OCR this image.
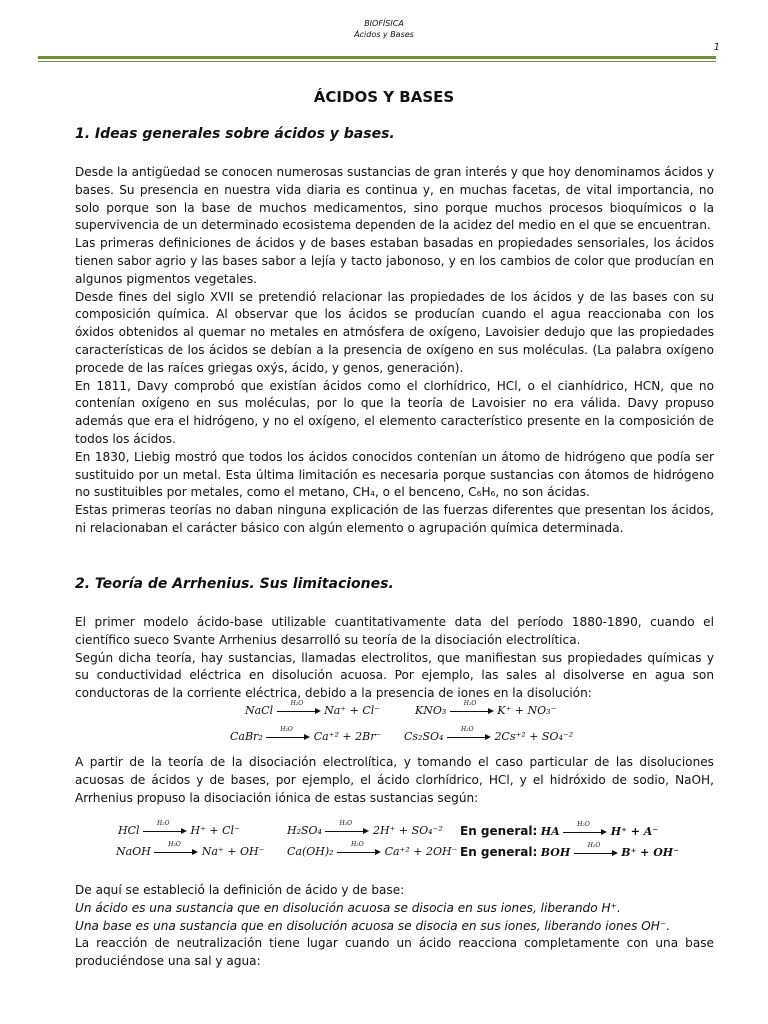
BIOFÍSICA
Ácidos y Bases
1
ÁCIDOS Y BASES
1. Ideas generales sobre ácidos y bases.

Desde la antigüedad se conocen numerosas sustancias de gran interés y que hoy denominamos ácidos y bases. Su presencia en nuestra vida diaria es continua y, en muchas facetas, de vital importancia, no solo porque son la base de muchos medicamentos, sino porque muchos procesos bioquímicos o la supervivencia de un determinado ecosistema dependen de la acidez del medio en el que se encuentran.

Las primeras definiciones de ácidos y de bases estaban basadas en propiedades sensoriales, los ácidos tienen sabor agrio y las bases sabor a lejía y tacto jabonoso, y en los cambios de color que producían en algunos pigmentos vegetales.

Desde fines del siglo XVII se pretendió relacionar las propiedades de los ácidos y de las bases con su composición química. Al observar que los ácidos se producían cuando el agua reaccionaba con los óxidos obtenidos al quemar no metales en atmósfera de oxígeno, Lavoisier dedujo que las propiedades características de los ácidos se debían a la presencia de oxígeno en sus moléculas. (La palabra oxígeno procede de las raíces griegas oxýs, ácido, y genos, generación).

En 1811, Davy comprobó que existían ácidos como el clorhídrico, HCl, o el cianhídrico, HCN, que no contenían oxígeno en sus moléculas, por lo que la teoría de Lavoisier no era válida. Davy propuso además que era el hidrógeno, y no el oxígeno, el elemento característico presente en la composición de todos los ácidos.

En 1830, Liebig mostró que todos los ácidos conocidos contenían un átomo de hidrógeno que podía ser sustituido por un metal. Esta última limitación es necesaria porque sustancias con átomos de hidrógeno no sustituibles por metales, como el metano, CH₄, o el benceno, C₆H₆, no son ácidas.

Estas primeras teorías no daban ninguna explicación de las fuerzas diferentes que presentan los ácidos, ni relacionaban el carácter básico con algún elemento o agrupación química determinada.

2. Teoría de Arrhenius. Sus limitaciones.

El primer modelo ácido-base utilizable cuantitativamente data del período 1880-1890, cuando el científico sueco Svante Arrhenius desarrolló su teoría de la disociación electrolítica.

Según dicha teoría, hay sustancias, llamadas electrolitos, que manifiestan sus propiedades químicas y su conductividad eléctrica en disolución acuosa. Por ejemplo, las sales al disolverse en agua son conductoras de la corriente eléctrica, debido a la presencia de iones en la disolución:

NaCl
H₂O
Na⁺ + Cl⁻	KNO₃
H₂O
K⁺ + NO₃⁻
CaBr₂
H₂O
Ca⁺² + 2Br⁻ Cs₂SO₄
H₂O
2Cs⁺² + SO₄⁻²

A partir de la teoría de la disociación electrolítica, y tomando el caso particular de las disoluciones acuosas de ácidos y de bases, por ejemplo, el ácido clorhídrico, HCl, y el hidróxido de sodio, NaOH, Arrhenius propuso la disociación iónica de estas sustancias según:

HCl
H₂O
H⁺ + Cl⁻	H₂SO₄
H₂O
2H⁺ + SO₄⁻² En general: HA
H₂O
H⁺ + A⁻
NaOH
H₂O
Na⁺ + OH⁻ Ca(OH)₂
H₂O
Ca⁺² + 2OH⁻ En general: BOH
H₂O
B⁺ + OH⁻

De aquí se estableció la definición de ácido y de base:

Un ácido es una sustancia que en disolución acuosa se disocia en sus iones, liberando H⁺.

Una base es una sustancia que en disolución acuosa se disocia en sus iones, liberando iones OH⁻.

La reacción de neutralización tiene lugar cuando un ácido reacciona completamente con una base produciéndose una sal y agua:
